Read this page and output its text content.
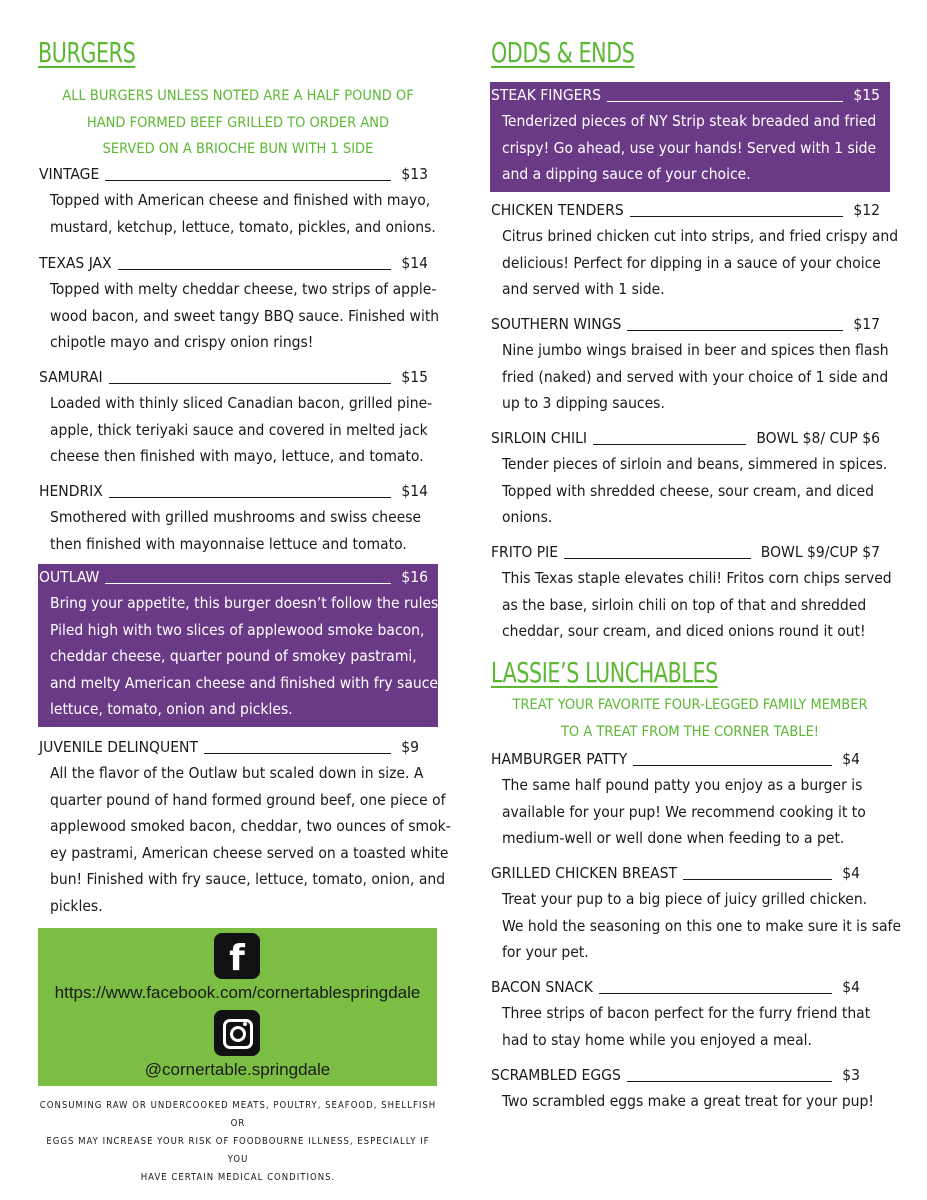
BURGERS
ALL BURGERS UNLESS NOTED ARE A HALF POUND OF
HAND FORMED BEEF GRILLED TO ORDER AND
SERVED ON A BRIOCHE BUN WITH 1 SIDE
VINTAGE	$13
Topped with American cheese and finished with mayo,
mustard, ketchup, lettuce, tomato, pickles, and onions.
TEXAS JAX	$14
Topped with melty cheddar cheese, two strips of apple-
wood bacon, and sweet tangy BBQ sauce. Finished with
chipotle mayo and crispy onion rings!
SAMURAI	$15
Loaded with thinly sliced Canadian bacon, grilled pine-
apple, thick teriyaki sauce and covered in melted jack
cheese then finished with mayo, lettuce, and tomato.
HENDRIX	$14
Smothered with grilled mushrooms and swiss cheese
then finished with mayonnaise lettuce and tomato.
OUTLAW	$16
Bring your appetite, this burger doesn’t follow the rules!
Piled high with two slices of applewood smoke bacon,
cheddar cheese, quarter pound of smokey pastrami,
and melty American cheese and finished with fry sauce,
lettuce, tomato, onion and pickles.
JUVENILE DELINQUENT	$9
All the flavor of the Outlaw but scaled down in size. A
quarter pound of hand formed ground beef, one piece of
applewood smoked bacon, cheddar, two ounces of smok-
ey pastrami, American cheese served on a toasted white
bun! Finished with fry sauce, lettuce, tomato, onion, and
pickles.
f
https://www.facebook.com/cornertablespringdale
@cornertable.springdale
CONSUMING RAW OR UNDERCOOKED MEATS, POULTRY, SEAFOOD, SHELLFISH OR
EGGS MAY INCREASE YOUR RISK OF FOODBOURNE ILLNESS, ESPECIALLY IF YOU
HAVE CERTAIN MEDICAL CONDITIONS.
ODDS & ENDS
STEAK FINGERS	$15
Tenderized pieces of NY Strip steak breaded and fried
crispy! Go ahead, use your hands! Served with 1 side
and a dipping sauce of your choice.
CHICKEN TENDERS	$12
Citrus brined chicken cut into strips, and fried crispy and
delicious! Perfect for dipping in a sauce of your choice
and served with 1 side.
SOUTHERN WINGS	$17
Nine jumbo wings braised in beer and spices then flash
fried (naked) and served with your choice of 1 side and
up to 3 dipping sauces.
SIRLOIN CHILI	BOWL $8/ CUP $6
Tender pieces of sirloin and beans, simmered in spices.
Topped with shredded cheese, sour cream, and diced
onions.
FRITO PIE	BOWL $9/CUP $7
This Texas staple elevates chili! Fritos corn chips served
as the base, sirloin chili on top of that and shredded
cheddar, sour cream, and diced onions round it out!
LASSIE’S LUNCHABLES
TREAT YOUR FAVORITE FOUR-LEGGED FAMILY MEMBER
TO A TREAT FROM THE CORNER TABLE!
HAMBURGER PATTY	$4
The same half pound patty you enjoy as a burger is
available for your pup! We recommend cooking it to
medium-well or well done when feeding to a pet.
GRILLED CHICKEN BREAST	$4
Treat your pup to a big piece of juicy grilled chicken.
We hold the seasoning on this one to make sure it is safe
for your pet.
BACON SNACK	$4
Three strips of bacon perfect for the furry friend that
had to stay home while you enjoyed a meal.
SCRAMBLED EGGS	$3
Two scrambled eggs make a great treat for your pup!
